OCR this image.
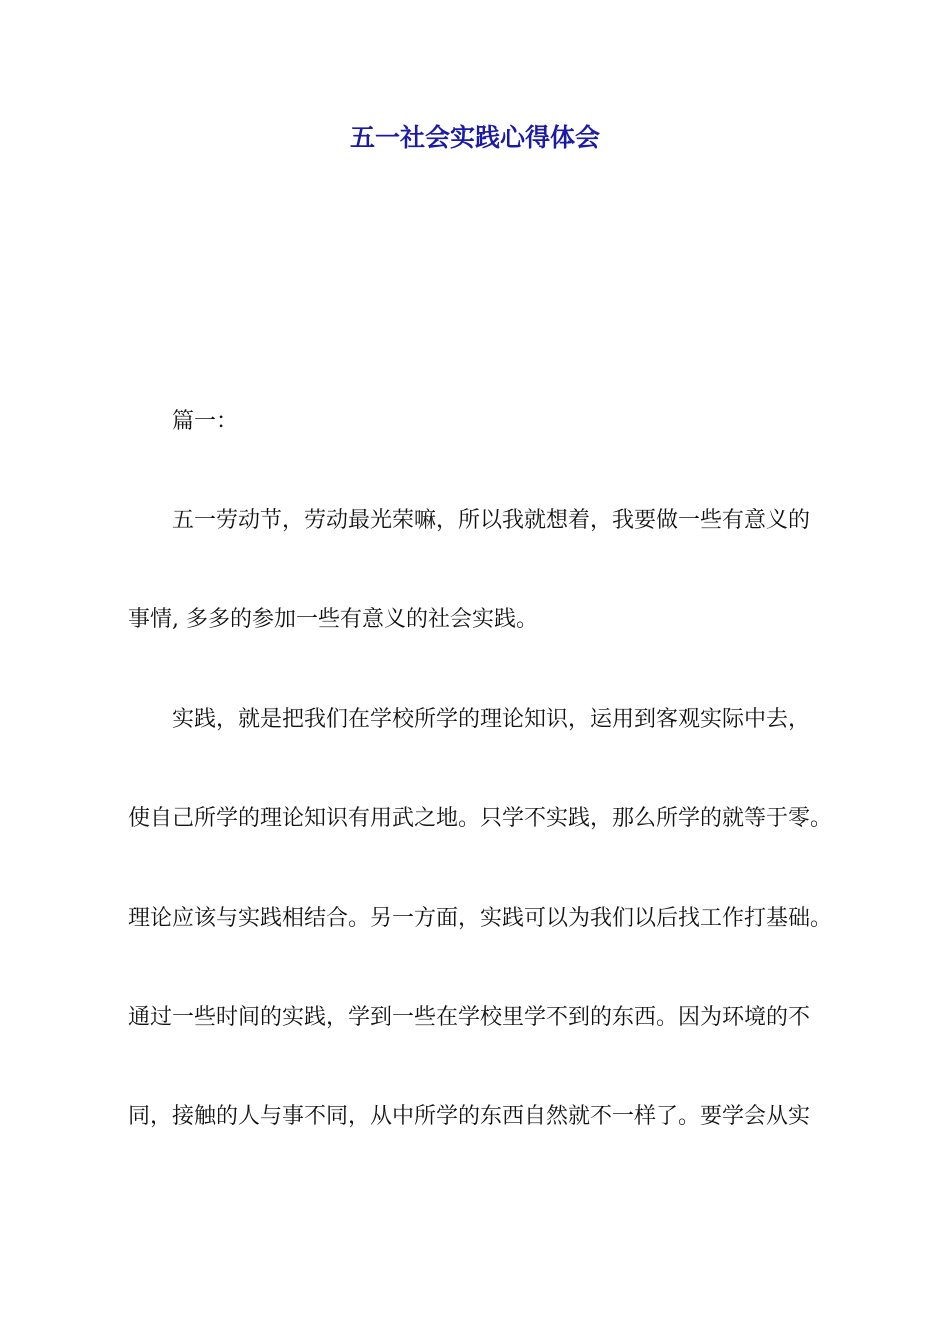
五一社会实践心得体会

篇一：

五一劳动节，劳动最光荣嘛，所以我就想着，我要做一些有意义的

事情, 多多的参加一些有意义的社会实践。

实践，就是把我们在学校所学的理论知识，运用到客观实际中去，

使自己所学的理论知识有用武之地。只学不实践，那么所学的就等于零。

理论应该与实践相结合。另一方面，实践可以为我们以后找工作打基础。

通过一些时间的实践，学到一些在学校里学不到的东西。因为环境的不

同，接触的人与事不同，从中所学的东西自然就不一样了。要学会从实
